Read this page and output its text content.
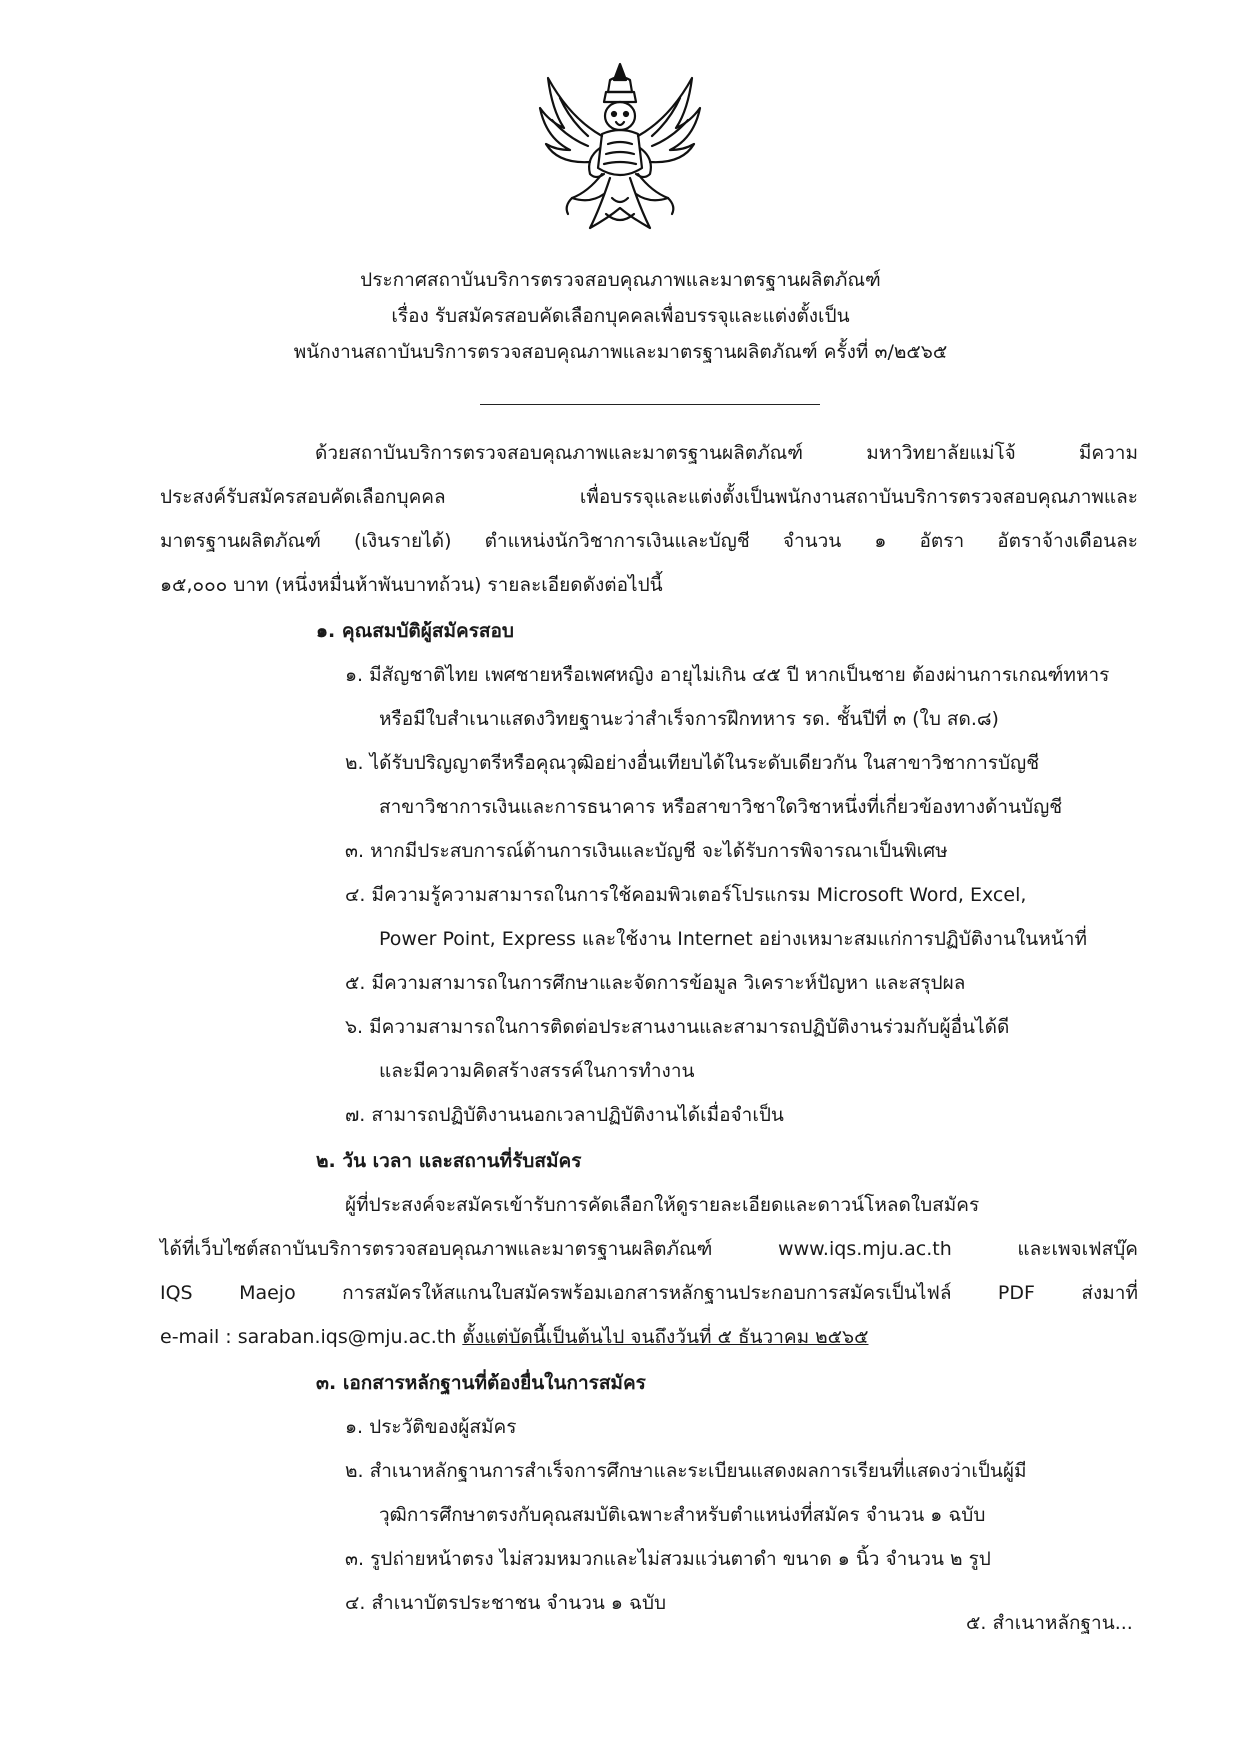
ประกาศสถาบันบริการตรวจสอบคุณภาพและมาตรฐานผลิตภัณฑ์
เรื่อง รับสมัครสอบคัดเลือกบุคคลเพื่อบรรจุและแต่งตั้งเป็น
พนักงานสถาบันบริการตรวจสอบคุณภาพและมาตรฐานผลิตภัณฑ์ ครั้งที่ ๓/๒๕๖๕
ด้วยสถาบันบริการตรวจสอบคุณภาพและมาตรฐานผลิตภัณฑ์ มหาวิทยาลัยแม่โจ้ มีความ
ประสงค์รับสมัครสอบคัดเลือกบุคคล เพื่อบรรจุและแต่งตั้งเป็นพนักงานสถาบันบริการตรวจสอบคุณภาพและ
มาตรฐานผลิตภัณฑ์ (เงินรายได้) ตำแหน่งนักวิชาการเงินและบัญชี จำนวน ๑ อัตรา อัตราจ้างเดือนละ
๑๕,๐๐๐ บาท (หนึ่งหมื่นห้าพันบาทถ้วน) รายละเอียดดังต่อไปนี้
๑. คุณสมบัติผู้สมัครสอบ
๑. มีสัญชาติไทย เพศชายหรือเพศหญิง อายุไม่เกิน ๔๕ ปี หากเป็นชาย ต้องผ่านการเกณฑ์ทหาร
หรือมีใบสำเนาแสดงวิทยฐานะว่าสำเร็จการฝึกทหาร รด. ชั้นปีที่ ๓ (ใบ สด.๘)
๒. ได้รับปริญญาตรีหรือคุณวุฒิอย่างอื่นเทียบได้ในระดับเดียวกัน ในสาขาวิชาการบัญชี
สาขาวิชาการเงินและการธนาคาร หรือสาขาวิชาใดวิชาหนึ่งที่เกี่ยวข้องทางด้านบัญชี
๓. หากมีประสบการณ์ด้านการเงินและบัญชี จะได้รับการพิจารณาเป็นพิเศษ
๔. มีความรู้ความสามารถในการใช้คอมพิวเตอร์โปรแกรม Microsoft Word, Excel,
Power Point, Express และใช้งาน Internet อย่างเหมาะสมแก่การปฏิบัติงานในหน้าที่
๕. มีความสามารถในการศึกษาและจัดการข้อมูล วิเคราะห์ปัญหา และสรุปผล
๖. มีความสามารถในการติดต่อประสานงานและสามารถปฏิบัติงานร่วมกับผู้อื่นได้ดี
และมีความคิดสร้างสรรค์ในการทำงาน
๗. สามารถปฏิบัติงานนอกเวลาปฏิบัติงานได้เมื่อจำเป็น
๒. วัน เวลา และสถานที่รับสมัคร
ผู้ที่ประสงค์จะสมัครเข้ารับการคัดเลือกให้ดูรายละเอียดและดาวน์โหลดใบสมัคร
ได้ที่เว็บไซต์สถาบันบริการตรวจสอบคุณภาพและมาตรฐานผลิตภัณฑ์ www.iqs.mju.ac.th และเพจเฟสบุ๊ค
IQS Maejo การสมัครให้สแกนใบสมัครพร้อมเอกสารหลักฐานประกอบการสมัครเป็นไฟล์ PDF ส่งมาที่
e-mail : saraban.iqs@mju.ac.th ตั้งแต่บัดนี้เป็นต้นไป จนถึงวันที่ ๕ ธันวาคม ๒๕๖๕
๓. เอกสารหลักฐานที่ต้องยื่นในการสมัคร
๑. ประวัติของผู้สมัคร
๒. สำเนาหลักฐานการสำเร็จการศึกษาและระเบียนแสดงผลการเรียนที่แสดงว่าเป็นผู้มี
วุฒิการศึกษาตรงกับคุณสมบัติเฉพาะสำหรับตำแหน่งที่สมัคร จำนวน ๑ ฉบับ
๓. รูปถ่ายหน้าตรง ไม่สวมหมวกและไม่สวมแว่นตาดำ ขนาด ๑ นิ้ว จำนวน ๒ รูป
๔. สำเนาบัตรประชาชน จำนวน ๑ ฉบับ
๕. สำเนาหลักฐาน...
